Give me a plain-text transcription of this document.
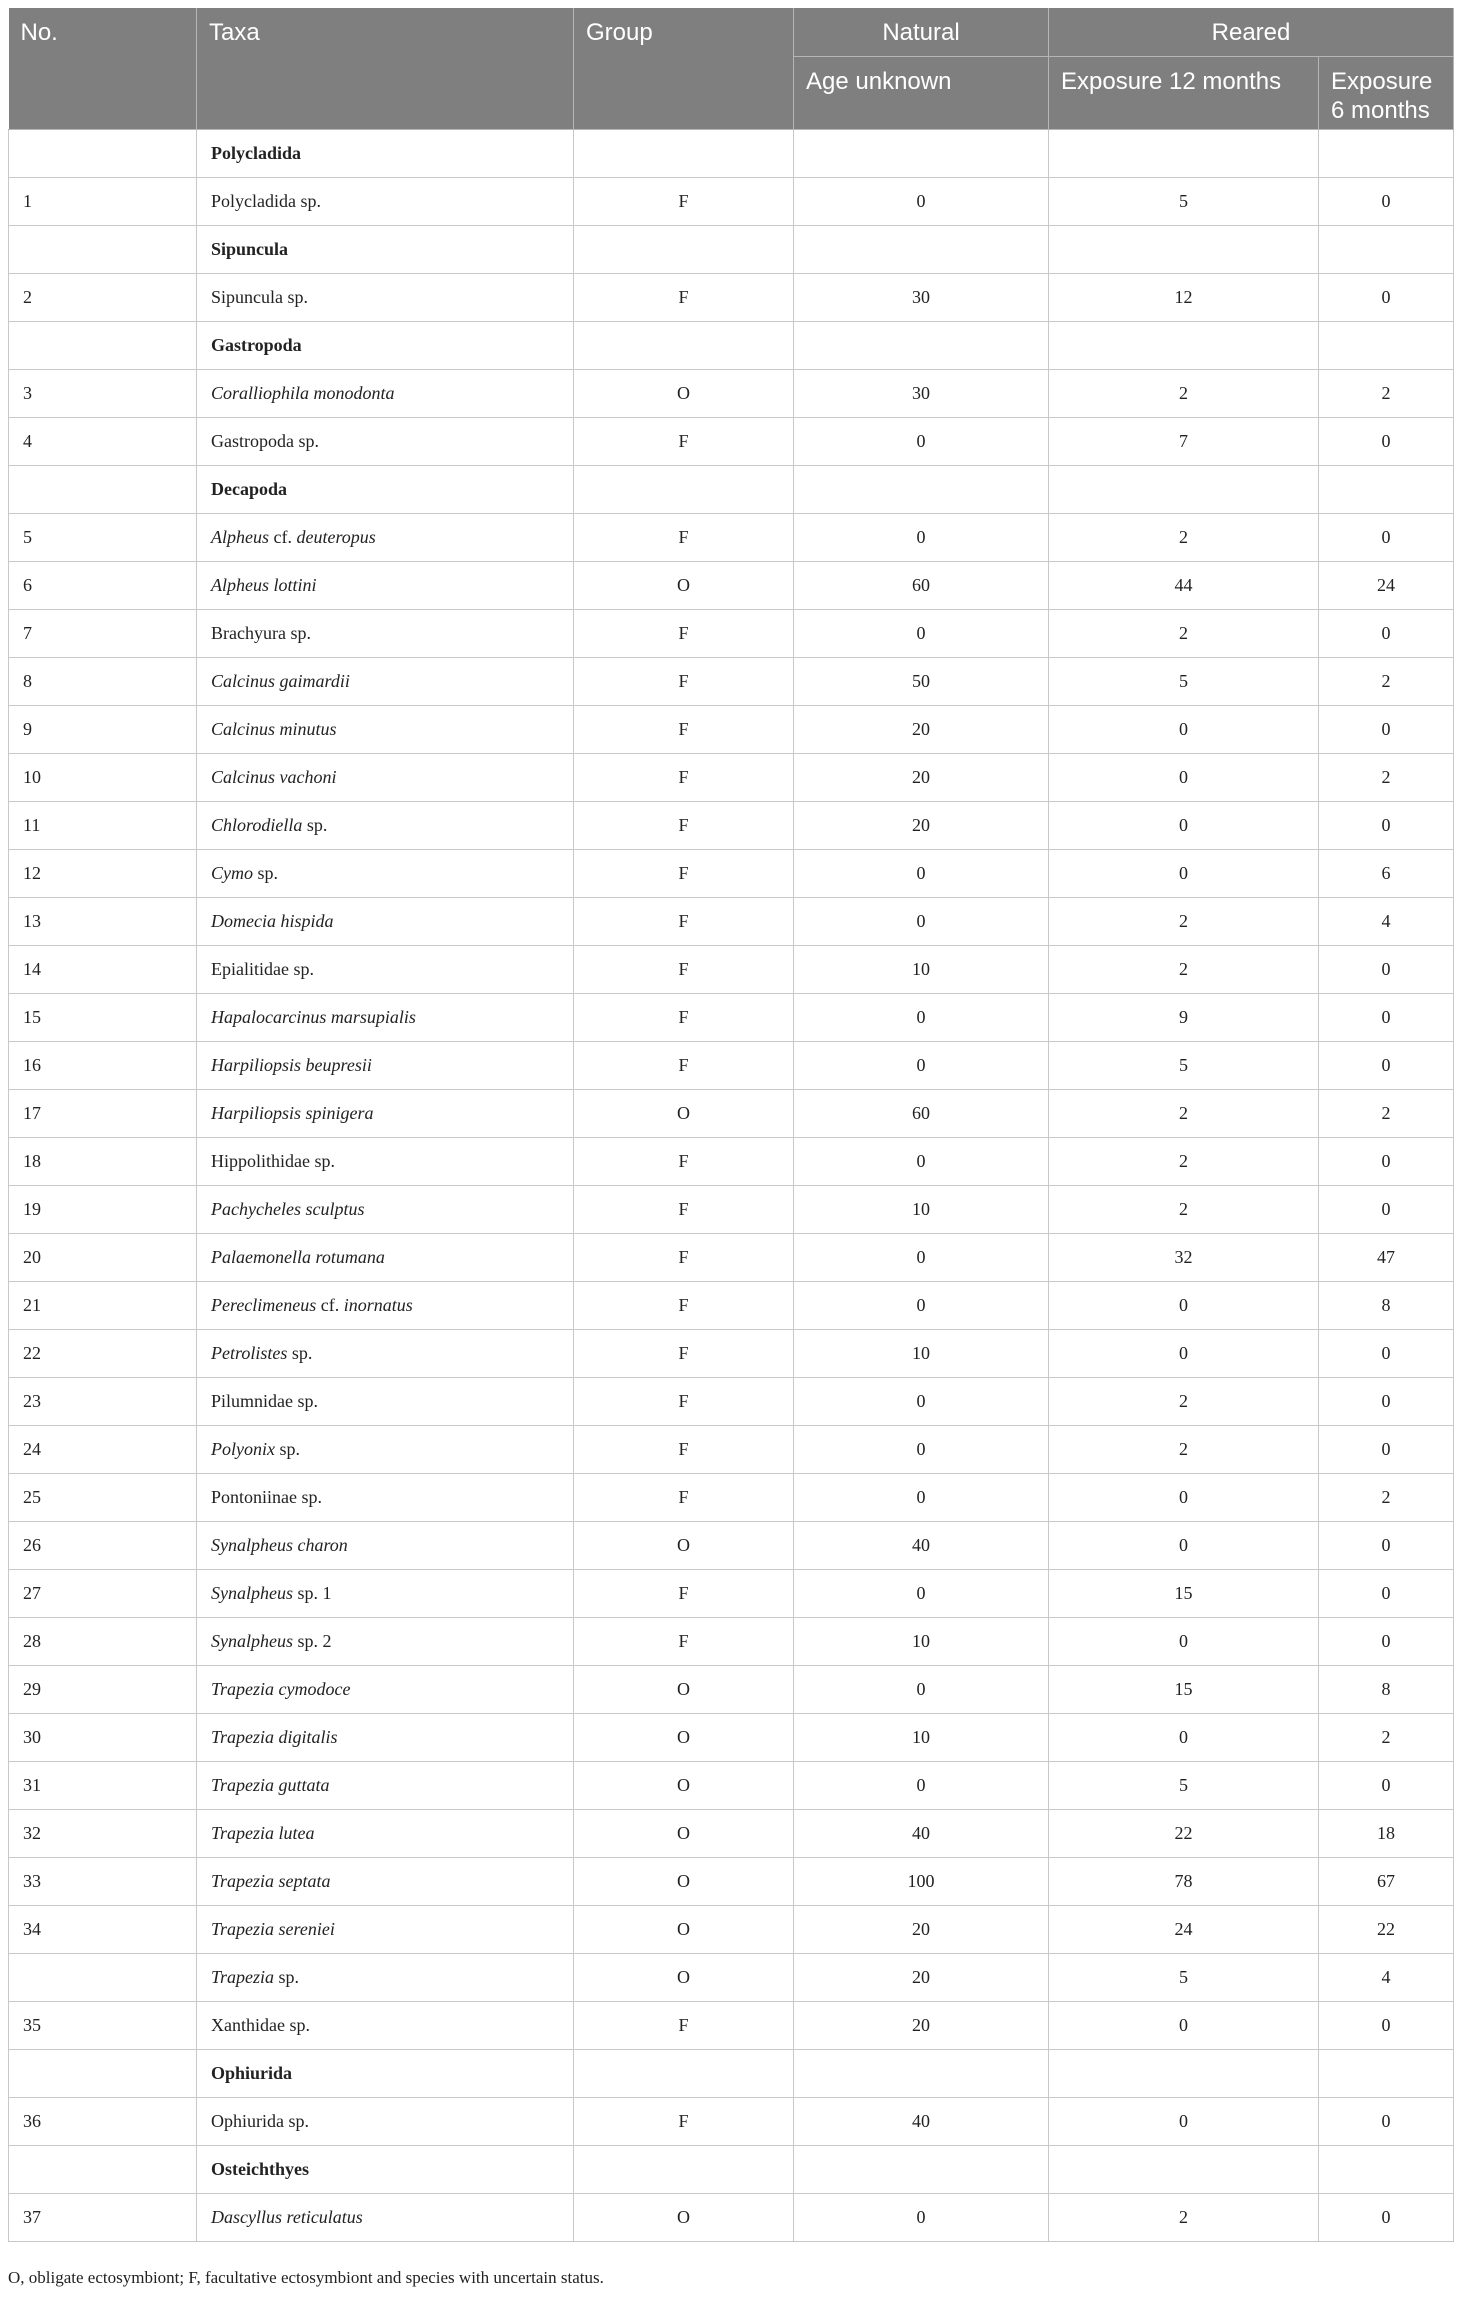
No.	Taxa	Group	Natural	Reared	
			Age unknown	Exposure 12 months	Exposure 6 months
	Polycladida				
1	Polycladida sp.	F	0	5	0
	Sipuncula				
2	Sipuncula sp.	F	30	12	0
	Gastropoda				
3	Coralliophila monodonta	O	30	2	2
4	Gastropoda sp.	F	0	7	0
	Decapoda				
5	Alpheus cf. deuteropus	F	0	2	0
6	Alpheus lottini	O	60	44	24
7	Brachyura sp.	F	0	2	0
8	Calcinus gaimardii	F	50	5	2
9	Calcinus minutus	F	20	0	0
10	Calcinus vachoni	F	20	0	2
11	Chlorodiella sp.	F	20	0	0
12	Cymo sp.	F	0	0	6
13	Domecia hispida	F	0	2	4
14	Epialitidae sp.	F	10	2	0
15	Hapalocarcinus marsupialis	F	0	9	0
16	Harpiliopsis beupresii	F	0	5	0
17	Harpiliopsis spinigera	O	60	2	2
18	Hippolithidae sp.	F	0	2	0
19	Pachycheles sculptus	F	10	2	0
20	Palaemonella rotumana	F	0	32	47
21	Pereclimeneus cf. inornatus	F	0	0	8
22	Petrolistes sp.	F	10	0	0
23	Pilumnidae sp.	F	0	2	0
24	Polyonix sp.	F	0	2	0
25	Pontoniinae sp.	F	0	0	2
26	Synalpheus charon	O	40	0	0
27	Synalpheus sp. 1	F	0	15	0
28	Synalpheus sp. 2	F	10	0	0
29	Trapezia cymodoce	O	0	15	8
30	Trapezia digitalis	O	10	0	2
31	Trapezia guttata	O	0	5	0
32	Trapezia lutea	O	40	22	18
33	Trapezia septata	O	100	78	67
34	Trapezia sereniei	O	20	24	22
	Trapezia sp.	O	20	5	4
35	Xanthidae sp.	F	20	0	0
	Ophiurida				
36	Ophiurida sp.	F	40	0	0
	Osteichthyes				
37	Dascyllus reticulatus	O	0	2	0
O, obligate ectosymbiont; F, facultative ectosymbiont and species with uncertain status.
